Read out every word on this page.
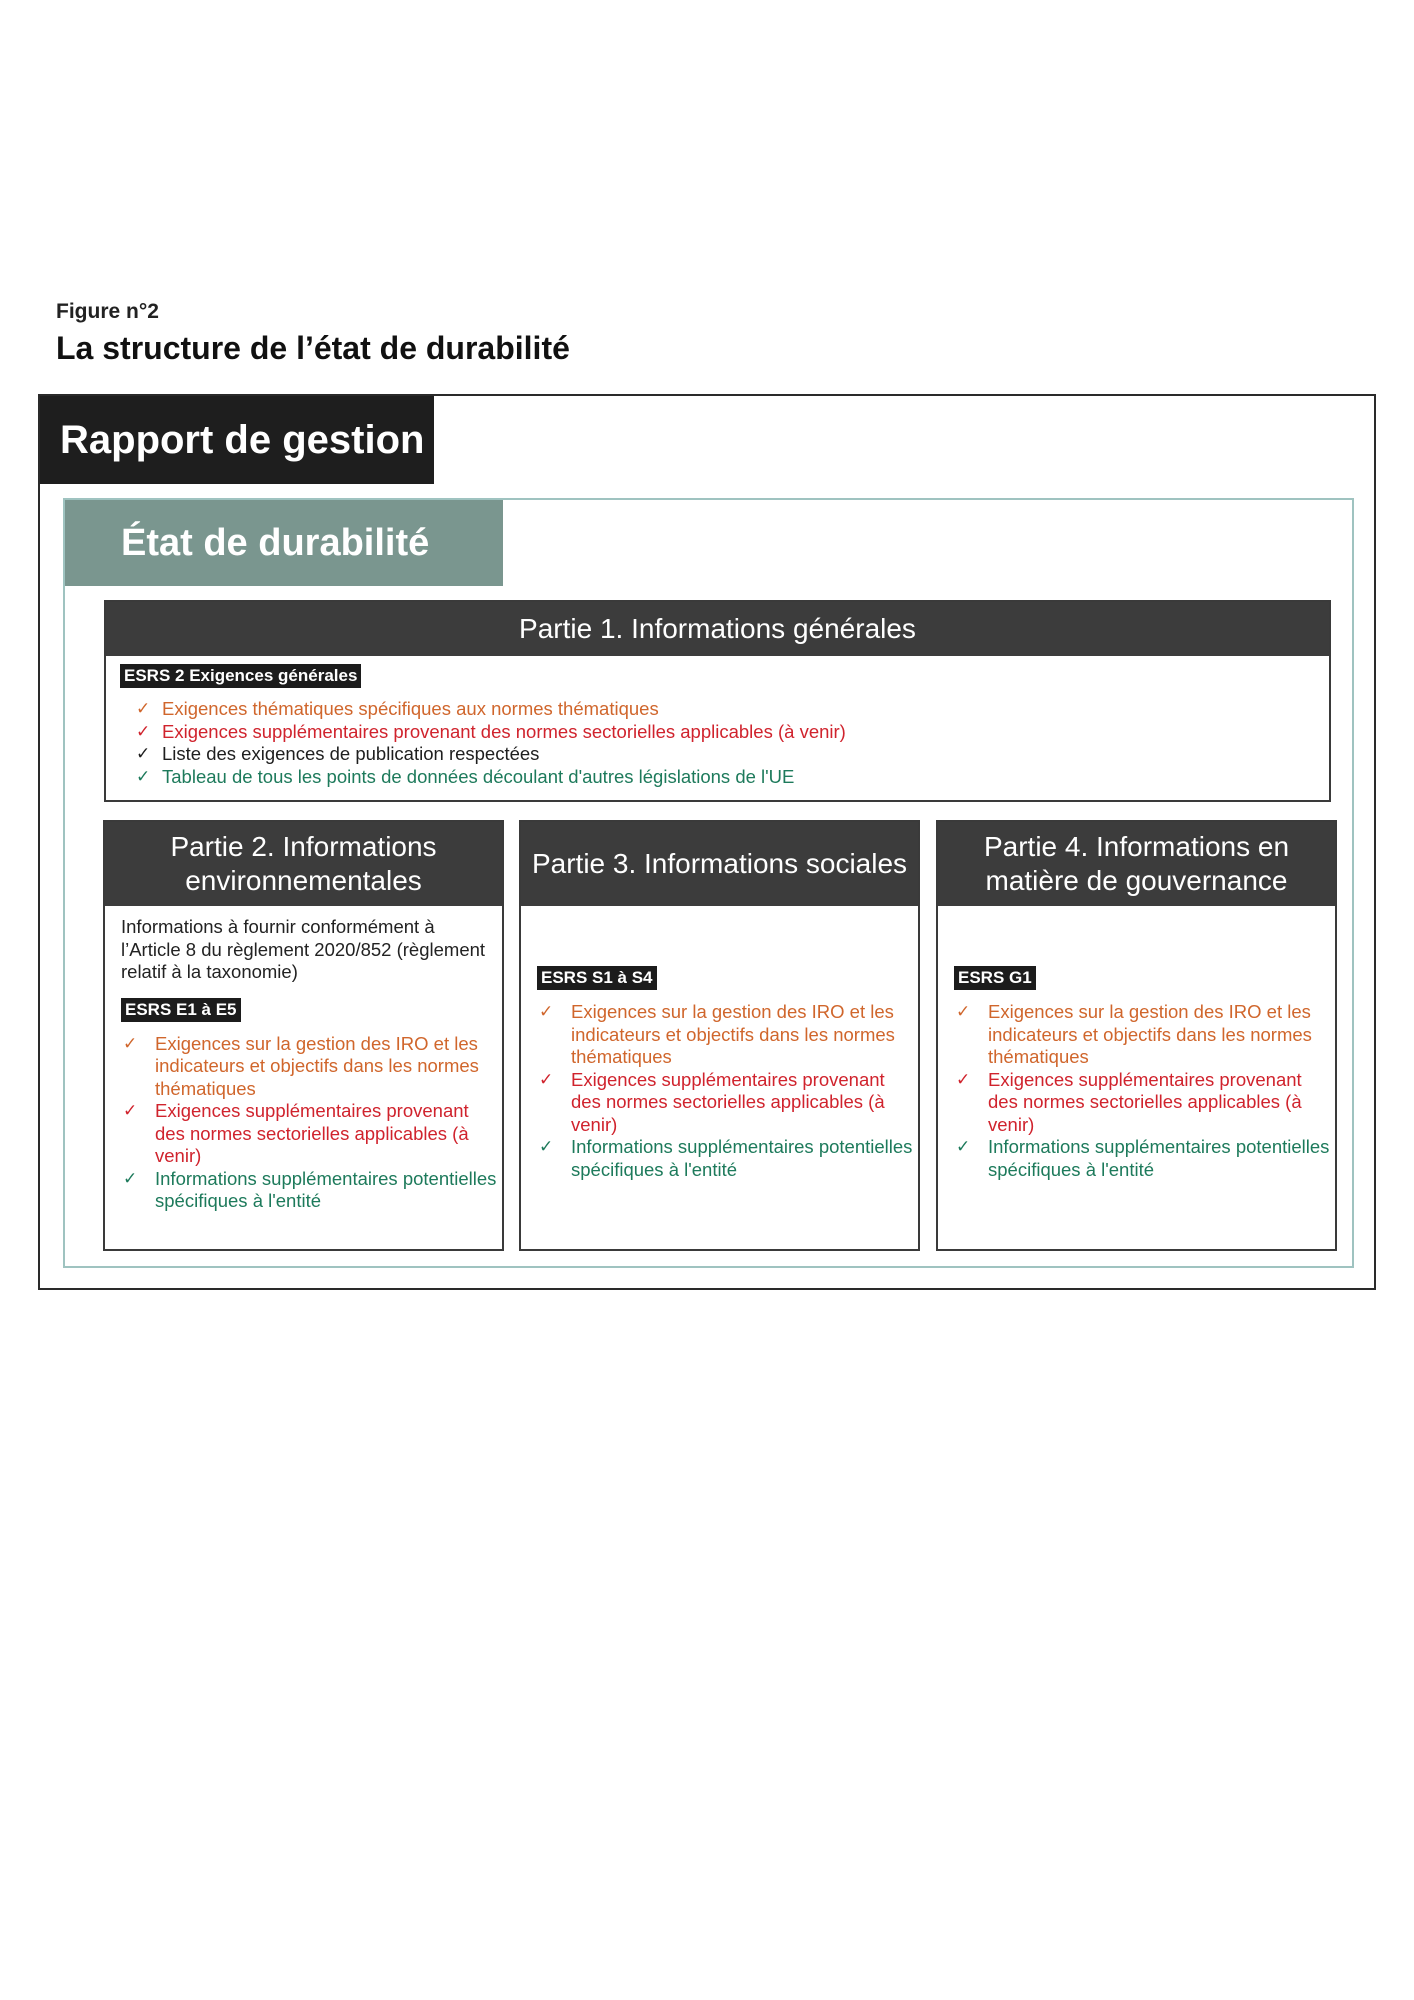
Figure n°2
La structure de l’état de durabilité
Rapport de gestion
État de durabilité
Partie 1. Informations générales
ESRS 2 Exigences générales
✓ Exigences thématiques spécifiques aux normes thématiques
✓ Exigences supplémentaires provenant des normes sectorielles applicables (à venir)
✓ Liste des exigences de publication respectées
✓ Tableau de tous les points de données découlant d'autres législations de l'UE
Partie 2. Informations environnementales
Informations à fournir conformément à l’Article 8 du règlement 2020/852 (règlement relatif à la taxonomie)
ESRS E1 à E5
✓ Exigences sur la gestion des IRO et les indicateurs et objectifs dans les normes thématiques
✓ Exigences supplémentaires provenant des normes sectorielles applicables (à venir)
✓ Informations supplémentaires potentielles spécifiques à l'entité
Partie 3. Informations sociales
ESRS S1 à S4
✓ Exigences sur la gestion des IRO et les indicateurs et objectifs dans les normes thématiques
✓ Exigences supplémentaires provenant des normes sectorielles applicables (à venir)
✓ Informations supplémentaires potentielles spécifiques à l'entité
Partie 4. Informations en matière de gouvernance
ESRS G1
✓ Exigences sur la gestion des IRO et les indicateurs et objectifs dans les normes thématiques
✓ Exigences supplémentaires provenant des normes sectorielles applicables (à venir)
✓ Informations supplémentaires potentielles spécifiques à l'entité
